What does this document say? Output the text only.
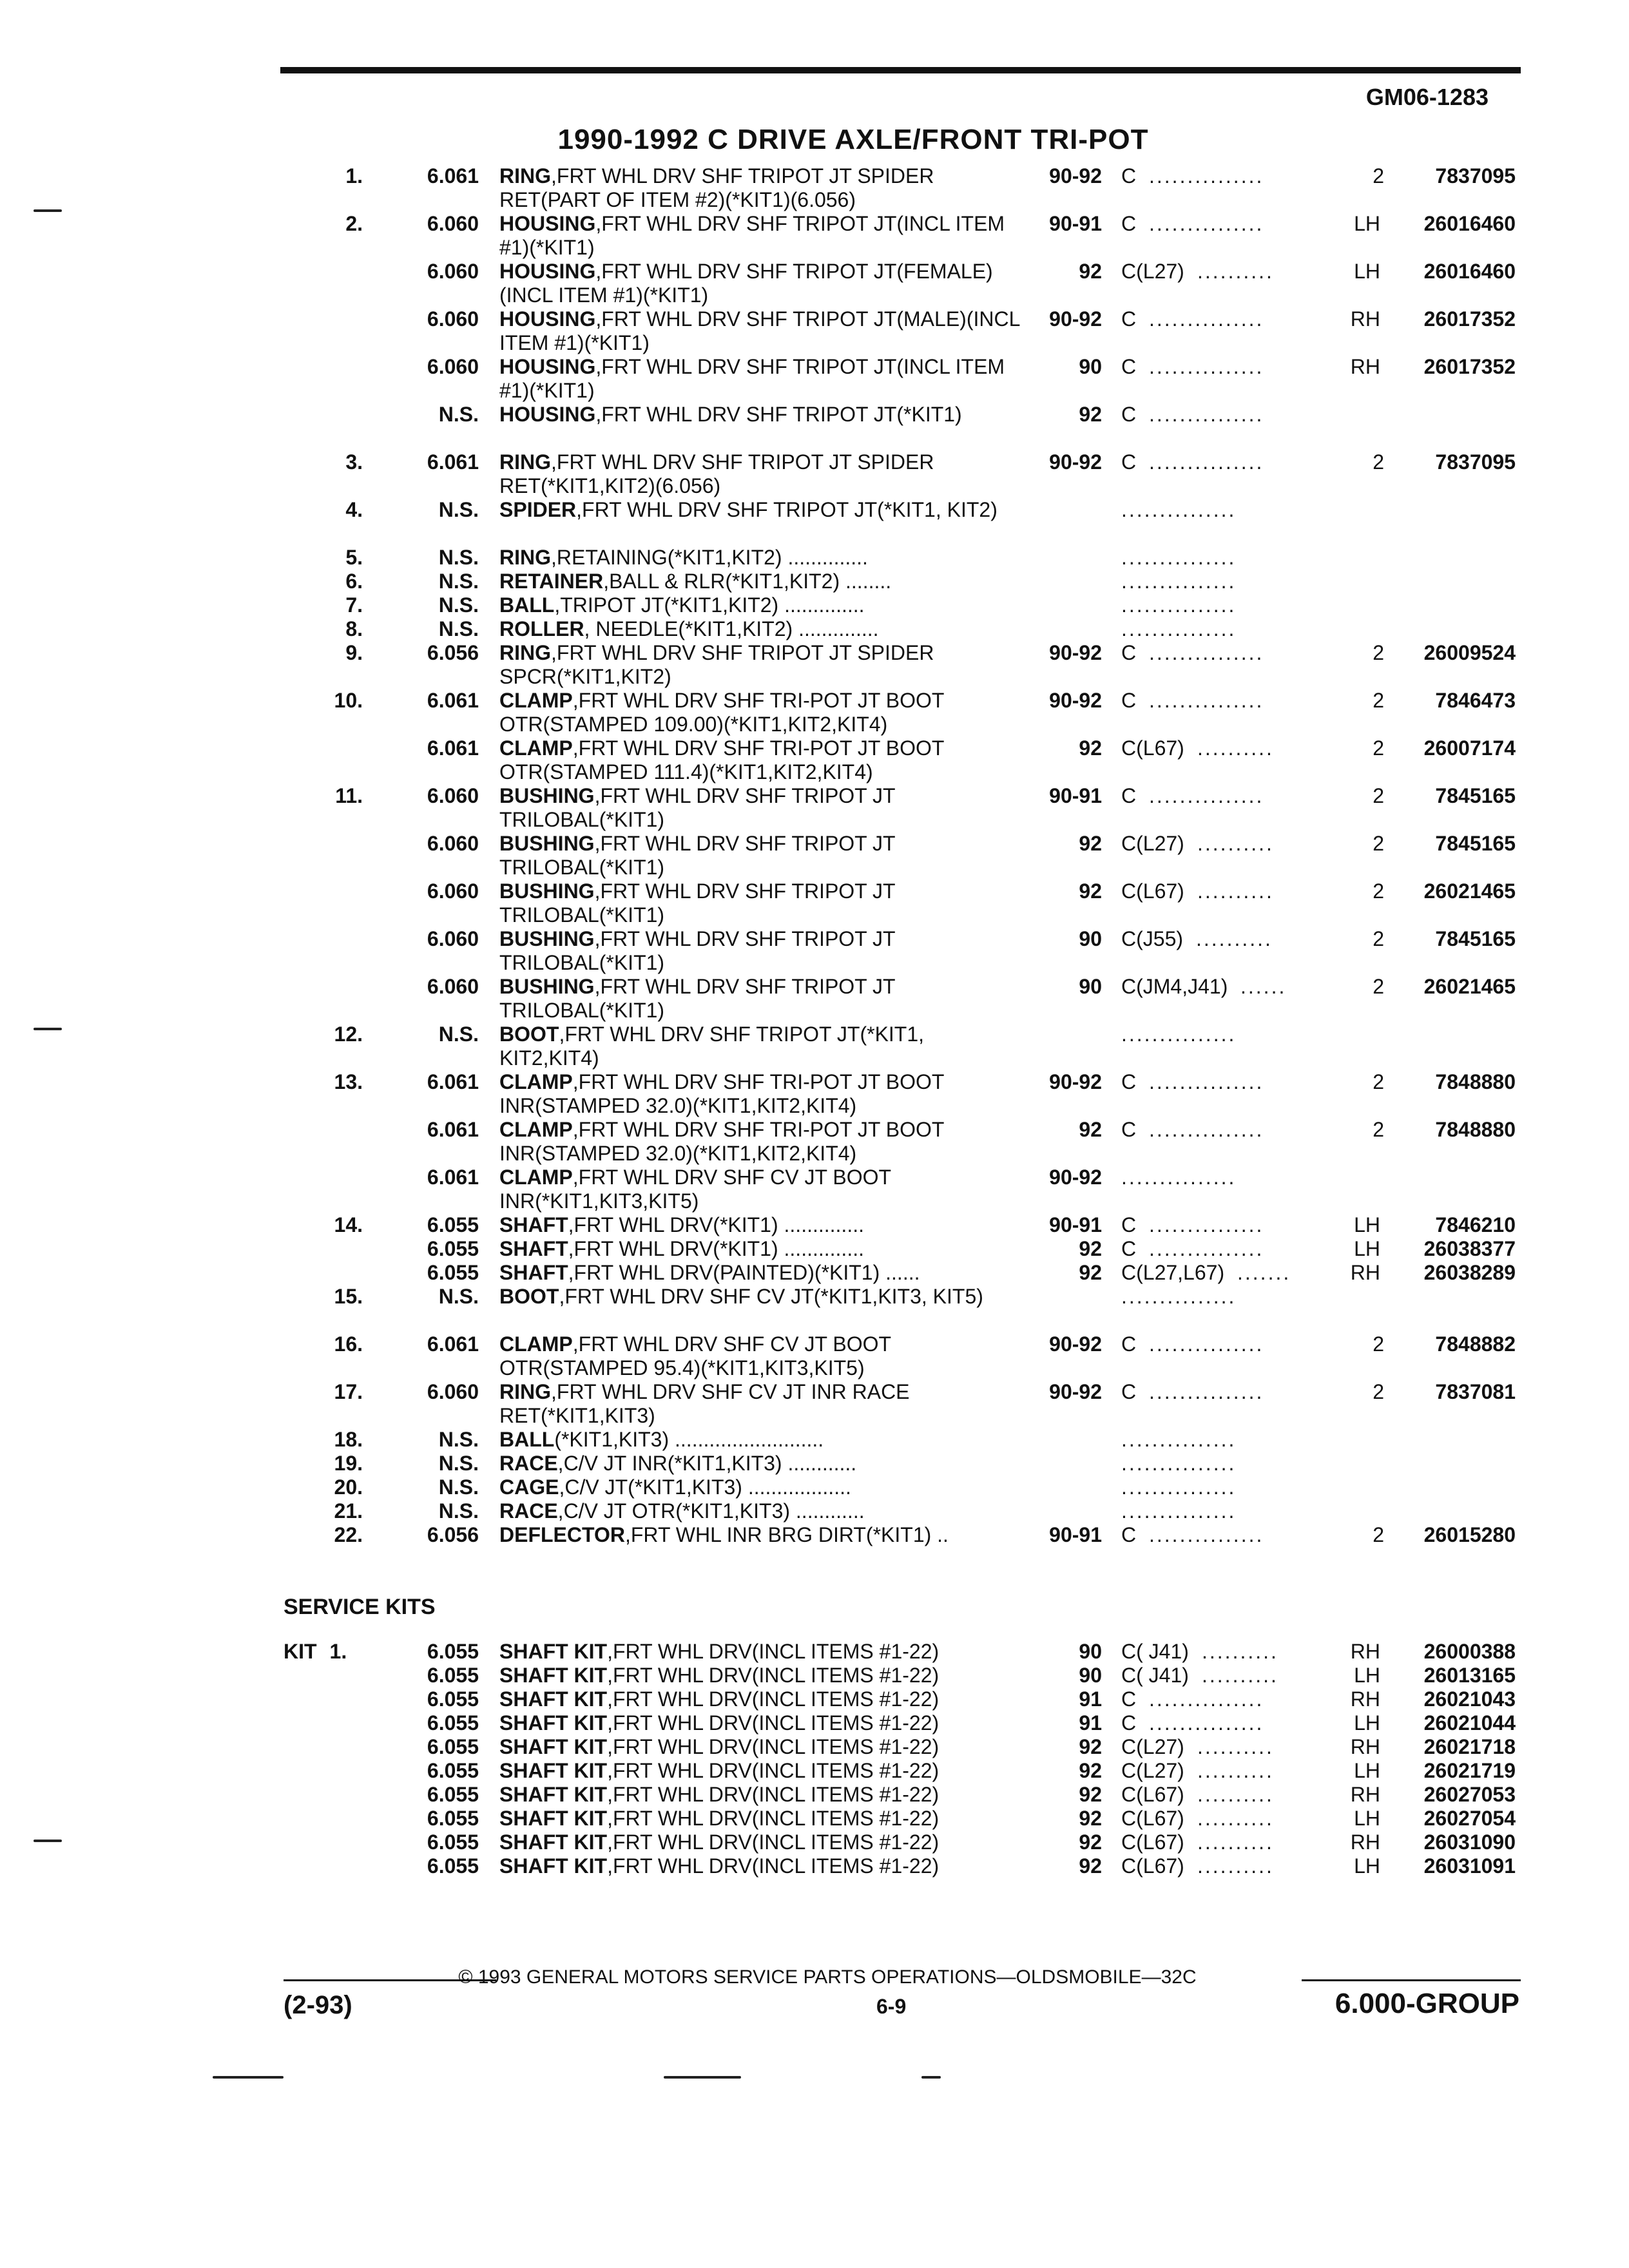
GM06-1283
1990-1992 C DRIVE AXLE/FRONT TRI-POT
1.	6.061 RING,FRT WHL DRV SHF TRIPOT JT SPIDER RET(PART OF ITEM #2)(*KIT1)(6.056)
90-92 C ...............	2 7837095
2.	6.060 HOUSING,FRT WHL DRV SHF TRIPOT JT(INCL ITEM #1)(*KIT1)
90-91 C ...............	LH 26016460
6.060 HOUSING,FRT WHL DRV SHF TRIPOT JT(FEMALE)(INCL ITEM #1)(*KIT1)
92 C(L27) ..........	LH 26016460
6.060 HOUSING,FRT WHL DRV SHF TRIPOT JT(MALE)(INCL ITEM #1)(*KIT1)
90-92 C ...............	RH 26017352
6.060 HOUSING,FRT WHL DRV SHF TRIPOT JT(INCL ITEM #1)(*KIT1)
90 C ...............	RH 26017352
N.S. HOUSING,FRT WHL DRV SHF TRIPOT JT(*KIT1)	92 C ...............
3.	6.061 RING,FRT WHL DRV SHF TRIPOT JT SPIDER RET(*KIT1,KIT2)(6.056)
90-92 C ...............	2 7837095
4.	N.S. SPIDER,FRT WHL DRV SHF TRIPOT JT(*KIT1, KIT2)	...............
5.	N.S. RING,RETAINING(*KIT1,KIT2) ..............	...............
6.	N.S. RETAINER,BALL & RLR(*KIT1,KIT2) ........	...............
7.	N.S. BALL,TRIPOT JT(*KIT1,KIT2) ..............	...............
8.	N.S. ROLLER, NEEDLE(*KIT1,KIT2) ..............	...............
9.	6.056 RING,FRT WHL DRV SHF TRIPOT JT SPIDER SPCR(*KIT1,KIT2)
90-92 C ...............	2 26009524
10.	6.061 CLAMP,FRT WHL DRV SHF TRI-POT JT BOOT OTR(STAMPED 109.00)(*KIT1,KIT2,KIT4)
90-92 C ...............	2 7846473
6.061 CLAMP,FRT WHL DRV SHF TRI-POT JT BOOT OTR(STAMPED 111.4)(*KIT1,KIT2,KIT4)
92 C(L67) ..........	2 26007174
11.	6.060 BUSHING,FRT WHL DRV SHF TRIPOT JT TRILOBAL(*KIT1)
90-91 C ...............	2 7845165
6.060 BUSHING,FRT WHL DRV SHF TRIPOT JT TRILOBAL(*KIT1)
92 C(L27) ..........	2 7845165
6.060 BUSHING,FRT WHL DRV SHF TRIPOT JT TRILOBAL(*KIT1)
92 C(L67) ..........	2 26021465
6.060 BUSHING,FRT WHL DRV SHF TRIPOT JT TRILOBAL(*KIT1)
90 C(J55) ..........	2 7845165
6.060 BUSHING,FRT WHL DRV SHF TRIPOT JT TRILOBAL(*KIT1)
90 C(JM4,J41) ......	2 26021465
12.	N.S. BOOT,FRT WHL DRV SHF TRIPOT JT(*KIT1, KIT2,KIT4)
...............
13.	6.061 CLAMP,FRT WHL DRV SHF TRI-POT JT BOOT INR(STAMPED 32.0)(*KIT1,KIT2,KIT4)
90-92 C ...............	2 7848880
6.061 CLAMP,FRT WHL DRV SHF TRI-POT JT BOOT INR(STAMPED 32.0)(*KIT1,KIT2,KIT4)
92 C ...............	2 7848880
6.061 CLAMP,FRT WHL DRV SHF CV JT BOOT INR(*KIT1,KIT3,KIT5)
90-92 ...............
14.	6.055 SHAFT,FRT WHL DRV(*KIT1) ..............	90-91 C ...............	LH	7846210
6.055 SHAFT,FRT WHL DRV(*KIT1) ..............	92 C ...............	LH 26038377
6.055 SHAFT,FRT WHL DRV(PAINTED)(*KIT1) ......	92 C(L27,L67) .......	RH 26038289
15.	N.S. BOOT,FRT WHL DRV SHF CV JT(*KIT1,KIT3, KIT5)	...............
16.	6.061 CLAMP,FRT WHL DRV SHF CV JT BOOT OTR(STAMPED 95.4)(*KIT1,KIT3,KIT5)
90-92 C ...............	2 7848882
17.	6.060 RING,FRT WHL DRV SHF CV JT INR RACE RET(*KIT1,KIT3)
90-92 C ...............	2 7837081
18.	N.S. BALL(*KIT1,KIT3) ..........................	...............
19.	N.S. RACE,C/V JT INR(*KIT1,KIT3) ............	...............
20.	N.S. CAGE,C/V JT(*KIT1,KIT3) ..................	...............
21.	N.S. RACE,C/V JT OTR(*KIT1,KIT3) ............	...............
22.	6.056 DEFLECTOR,FRT WHL INR BRG DIRT(*KIT1) ..	90-91 C ...............	2 26015280
SERVICE KITS
KIT 1.	6.055 SHAFT KIT,FRT WHL DRV(INCL ITEMS #1-22)	90 C( J41) ..........	RH 26000388
6.055 SHAFT KIT,FRT WHL DRV(INCL ITEMS #1-22)	90 C( J41) ..........	LH 26013165
6.055 SHAFT KIT,FRT WHL DRV(INCL ITEMS #1-22)	91 C ...............	RH 26021043
6.055 SHAFT KIT,FRT WHL DRV(INCL ITEMS #1-22)	91 C ...............	LH 26021044
6.055 SHAFT KIT,FRT WHL DRV(INCL ITEMS #1-22)	92 C(L27) ..........	RH 26021718
6.055 SHAFT KIT,FRT WHL DRV(INCL ITEMS #1-22)	92 C(L27) ..........	LH 26021719
6.055 SHAFT KIT,FRT WHL DRV(INCL ITEMS #1-22)	92 C(L67) ..........	RH 26027053
6.055 SHAFT KIT,FRT WHL DRV(INCL ITEMS #1-22)	92 C(L67) ..........	LH 26027054
6.055 SHAFT KIT,FRT WHL DRV(INCL ITEMS #1-22)	92 C(L67) ..........	RH 26031090
6.055 SHAFT KIT,FRT WHL DRV(INCL ITEMS #1-22)	92 C(L67) ..........	LH 26031091
© 1993 GENERAL MOTORS SERVICE PARTS OPERATIONS—OLDSMOBILE—32C
(2-93)	6-9	6.000-GROUP
